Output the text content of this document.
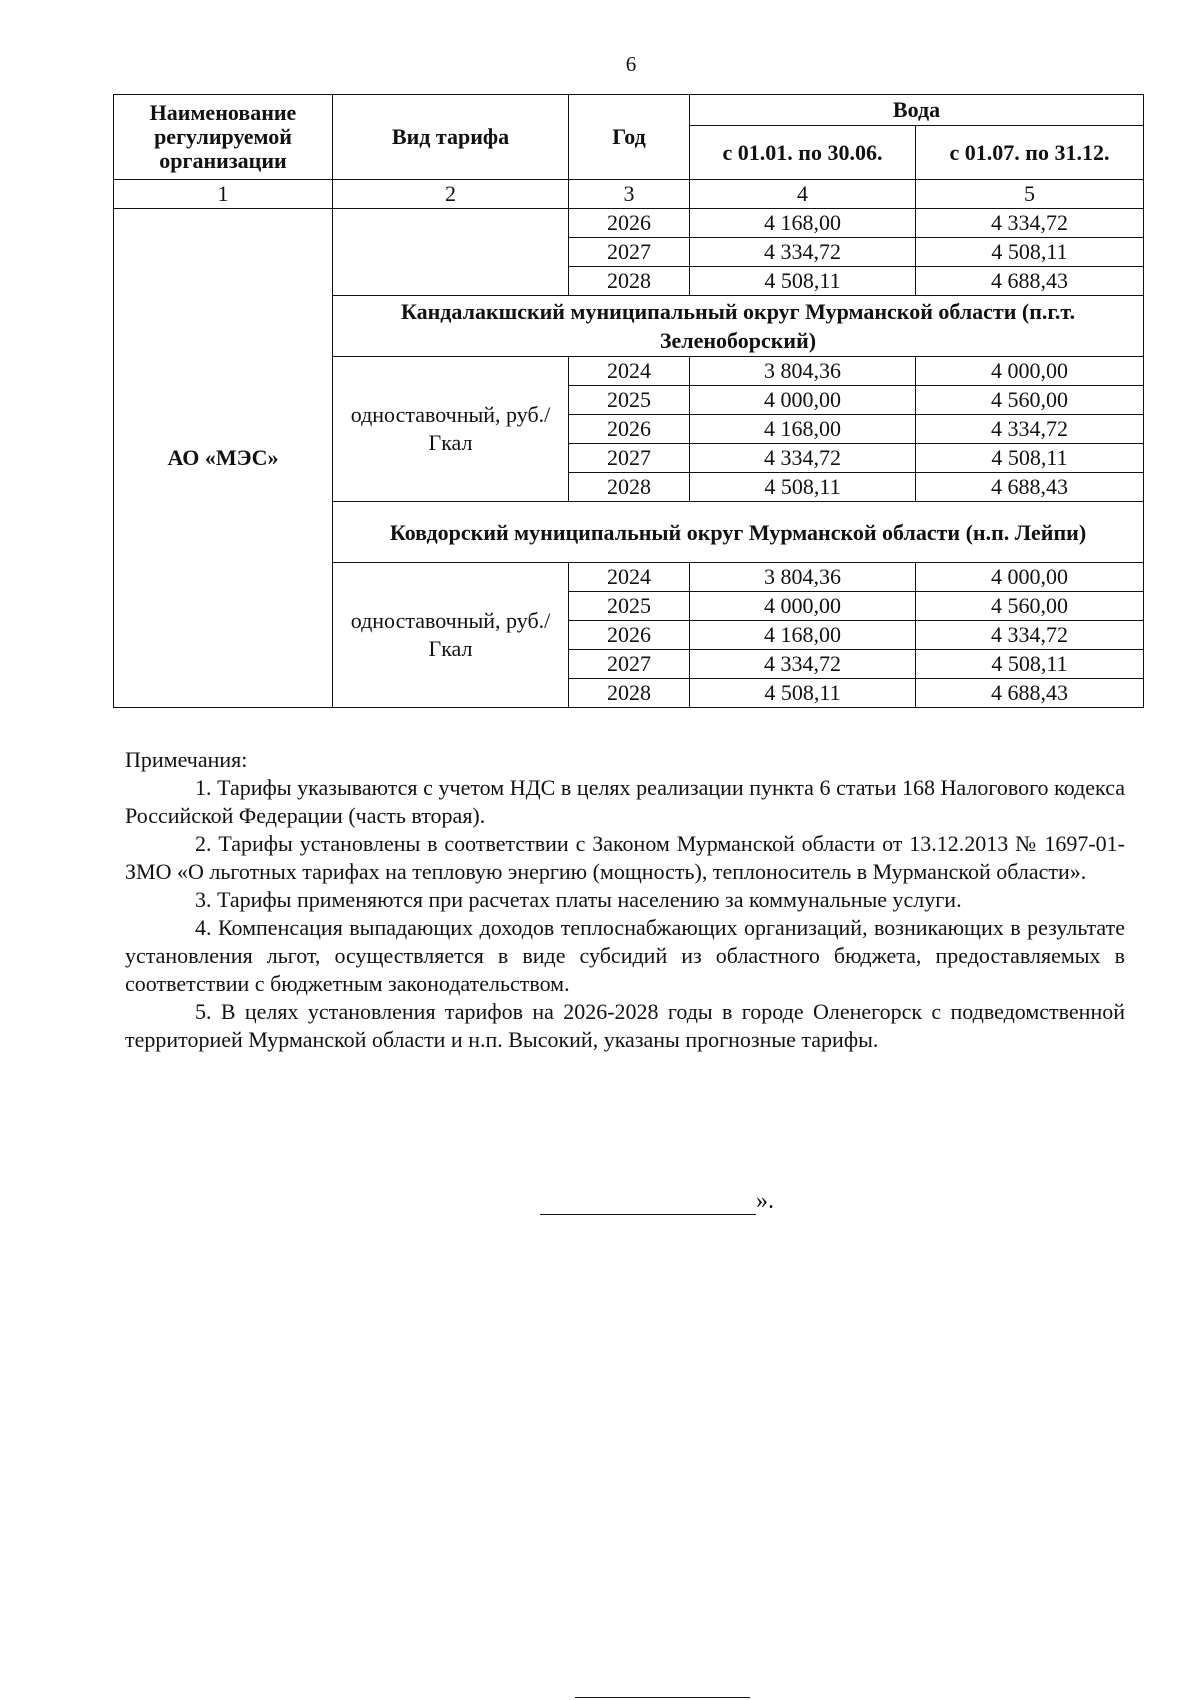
6
Наименование регулируемой организации	Вид тарифа	Год	Вода	
			с 01.01. по 30.06.	с 01.07. по 31.12.
1	2	3	4	5
АО «МЭС»		2026	4 168,00	4 334,72
		2027	4 334,72	4 508,11
		2028	4 508,11	4 688,43
	Кандалакшский муниципальный округ Мурманской области (п.г.т. Зеленоборский)			
	одноставочный, руб./Гкал	2024	3 804,36	4 000,00
		2025	4 000,00	4 560,00
		2026	4 168,00	4 334,72
		2027	4 334,72	4 508,11
		2028	4 508,11	4 688,43
	Ковдорский муниципальный округ Мурманской области (н.п. Лейпи)			
	одноставочный, руб./Гкал	2024	3 804,36	4 000,00
		2025	4 000,00	4 560,00
		2026	4 168,00	4 334,72
		2027	4 334,72	4 508,11
		2028	4 508,11	4 688,43

Примечания:

1. Тарифы указываются с учетом НДС в целях реализации пункта 6 статьи 168 Налогового кодекса Российской Федерации (часть вторая).

2. Тарифы установлены в соответствии с Законом Мурманской области от 13.12.2013 № 1697-01-ЗМО «О льготных тарифах на тепловую энергию (мощность), теплоноситель в Мурманской области».

3. Тарифы применяются при расчетах платы населению за коммунальные услуги.

4. Компенсация выпадающих доходов теплоснабжающих организаций, возникающих в результате установления льгот, осуществляется в виде субсидий из областного бюджета, предоставляемых в соответствии с бюджетным законодательством.

5. В целях установления тарифов на 2026-2028 годы в городе Оленегорск с подведомственной территорией Мурманской области и н.п. Высокий, указаны прогнозные тарифы.

».
